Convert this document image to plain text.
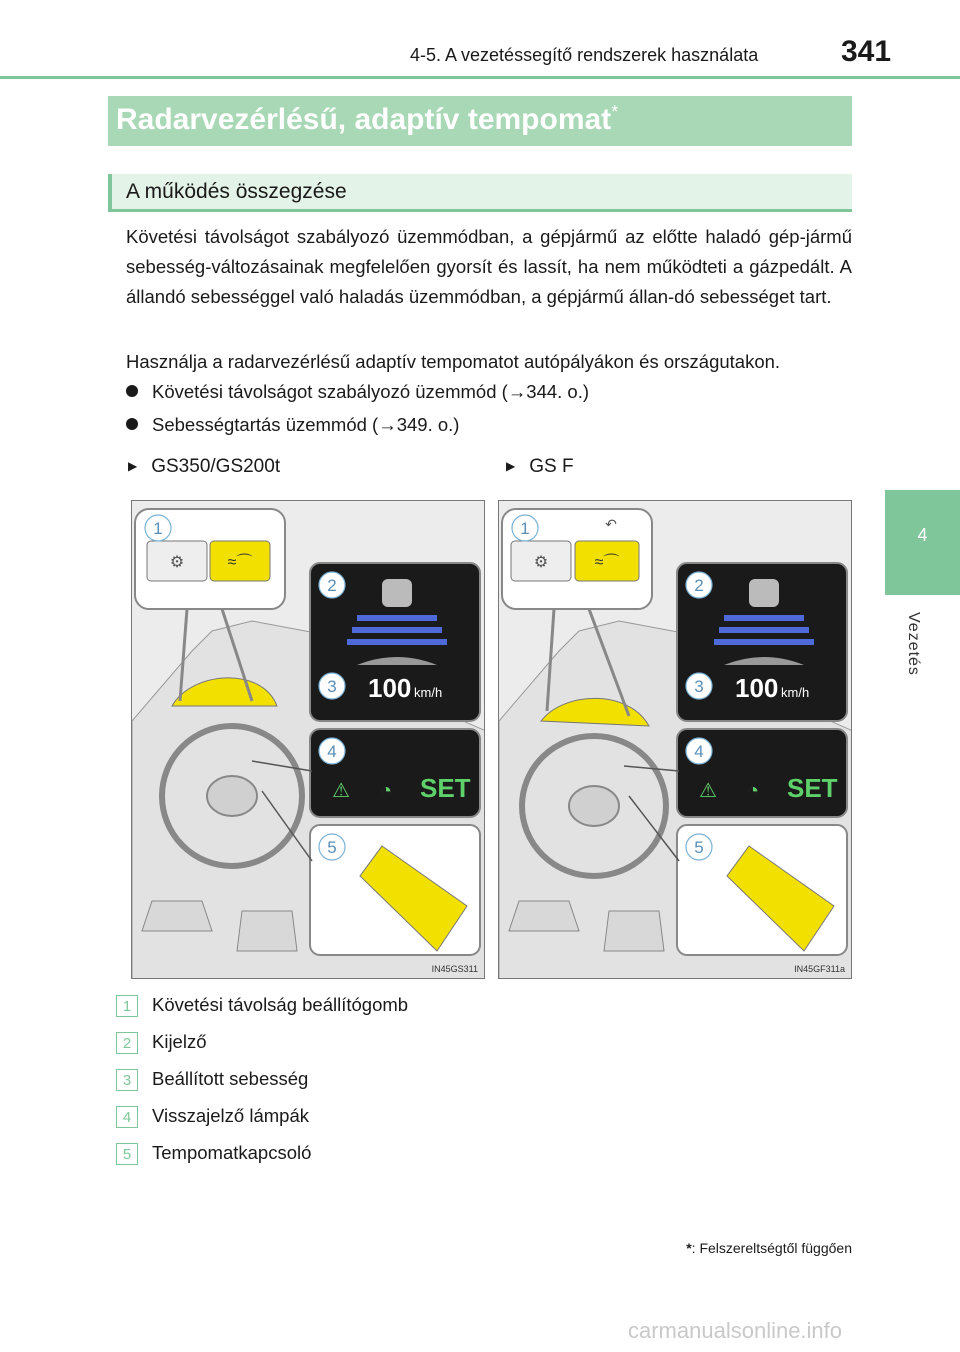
4-5. A vezetéssegítő rendszerek használata	341
4
Vezetés
Radarvezérlésű, adaptív tempomat*
A működés összegzése
Követési távolságot szabályozó üzemmódban, a gépjármű az előtte haladó gép-jármű sebesség-változásainak megfelelően gyorsít és lassít, ha nem működteti a gázpedált. A állandó sebességgel való haladás üzemmódban, a gépjármű állan-dó sebességet tart.
Használja a radarvezérlésű adaptív tempomatot autópályákon és országutakon.
Követési távolságot szabályozó üzemmód (→344. o.)
Sebességtartás üzemmód (→349. o.)
▶ GS350/GS200t	▶ GS F
⚙	≈⌒
100 km/h
⚠ ◔ SET
1
2
3
4
5
IN45GS311
⚙	≈⌒
↶
100 km/h
⚠ ◔ SET
1
2
3
4
5
IN45GF311a
1 Követési távolság beállítógomb
2 Kijelző
3 Beállított sebesség
4 Visszajelző lámpák
5 Tempomatkapcsoló
*: Felszereltségtől függően
carmanualsonline.info
